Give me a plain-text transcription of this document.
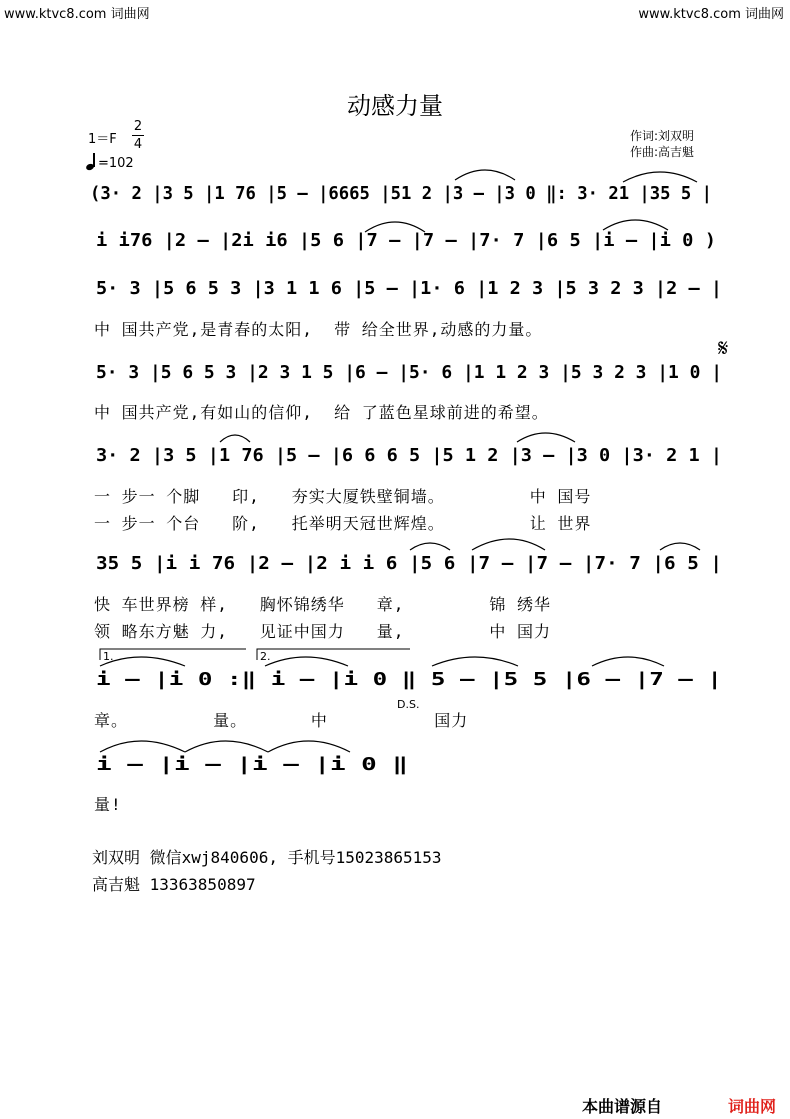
www.ktvc8.com 词曲网	www.ktvc8.com 词曲网
动感力量
1＝F
2
4
=102
作词:刘双明
作曲:高吉魁
(3· 2 |3 5 |1 76 |5 – |6665 |51 2 |3 – |3 0 ‖: 3· 21 |35 5 |
i i76 |2 – |2i i6 |5 6 |7 – |7 – |7· 7 |6 5 |i – |i 0 )
5· 3 |5 6 5 3 |3 1 1 6 |5 – |1· 6 |1 2 3 |5 3 2 3 |2 – |
5· 3 |5 6 5 3 |2 3 1 5 |6 – |5· 6 |1 1 2 3 |5 3 2 3 |1 0 |
3· 2 |3 5 |1 76 |5 – |6 6 6 5 |5 1 2 |3 – |3 0 |3· 2 1 |
35 5 |i i 76 |2 – |2 i i 6 |5 6 |7 – |7 – |7· 7 |6 5 |
i – |i 0 :‖ i – |i 0 ‖ 5 – |5 5 |6 – |7 – |
i – |i – |i – |i 0 ‖
1.	2.
𝄋
D.S.
中 国共产党,是青春的太阳,  带 给全世界,动感的力量。
中 国共产党,有如山的信仰,  给 了蓝色星球前进的希望。
一 步一 个脚   印,   夯实大厦铁壁铜墙。        中 国号
一 步一 个台   阶,   托举明天冠世辉煌。        让 世界
快 车世界榜 样,   胸怀锦绣华   章,        锦 绣华
领 略东方魅 力,   见证中国力   量,        中 国力
章。        量。      中          国力
量!
刘双明 微信xwj840606, 手机号15023865153
高吉魁 13363850897
本曲谱源自	词曲网
